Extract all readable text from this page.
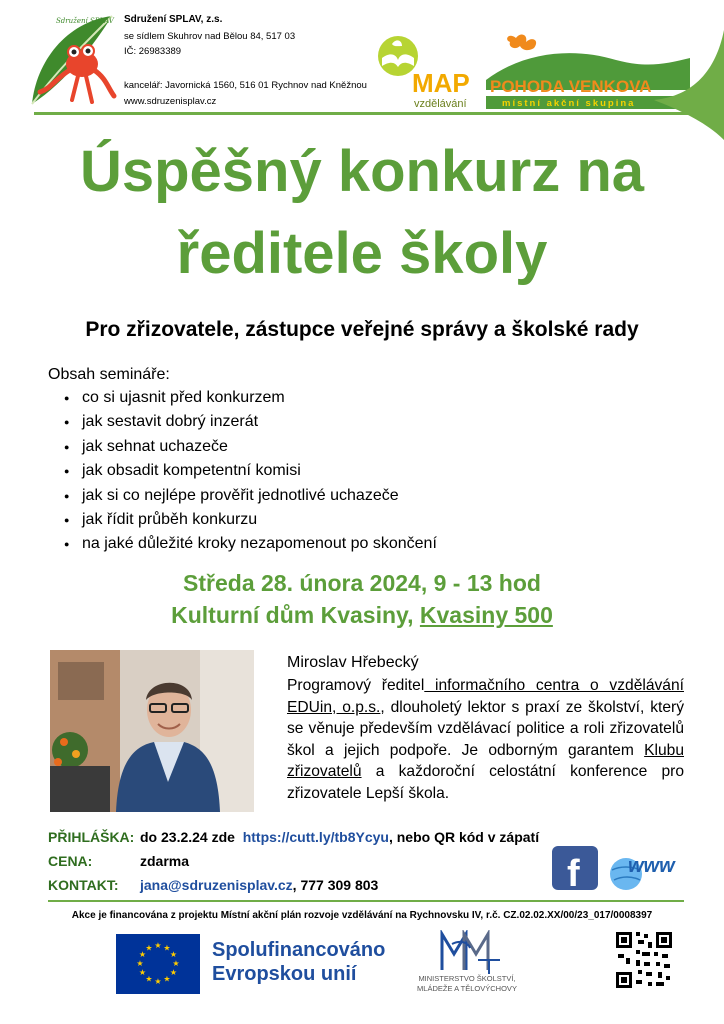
Sdružení SPLAV Sdružení SPLAV, z.s.
se sídlem Skuhrov nad Bělou 84, 517 03
IČ: 26983389
kancelář: Javornická 1560, 516 01 Rychnov nad Kněžnou
www.sdruzenisplav.cz
MAP
vzdělávání
POHODA VENKOVA
místní akční skupina
Úspěšný konkurz na
ředitele školy
Pro zřizovatele, zástupce veřejné správy a školské rady
Obsah semináře:
● co si ujasnit před konkurzem
● jak sestavit dobrý inzerát
● jak sehnat uchazeče
● jak obsadit kompetentní komisi
● jak si co nejlépe prověřit jednotlivé uchazeče
● jak řídit průběh konkurzu
● na jaké důležité kroky nezapomenout po skončení
Středa 28. února 2024, 9 - 13 hod
Kulturní dům Kvasiny, Kvasiny 500
Miroslav Hřebecký
Programový ředitel informačního centra o vzdělávání EDUin, o.p.s., dlouholetý lektor s praxí ze školství, který se věnuje především vzdělávací politice a roli zřizovatelů škol a jejich podpoře. Je odborným garantem Klubu zřizovatelů a každoroční celostátní konference pro zřizovatele Lepší škola.
PŘIHLÁŠKA: do 23.2.24 zde https://cutt.ly/tb8Ycyu, nebo QR kód v zápatí
CENA:	zdarma
KONTAKT: jana@sdruzenisplav.cz, 777 309 803	f www
Akce je financována z projektu Místní akční plán rozvoje vzdělávání na Rychnovsku IV, r.č. CZ.02.02.XX/00/23_017/0008397
★ ★
★
★
★
★
★
★
★
★
★
★	Spolufinancováno
Evropskou unií	MINISTERSTVO ŠKOLSTVÍ,
MLÁDEŽE A TĚLOVÝCHOVY
